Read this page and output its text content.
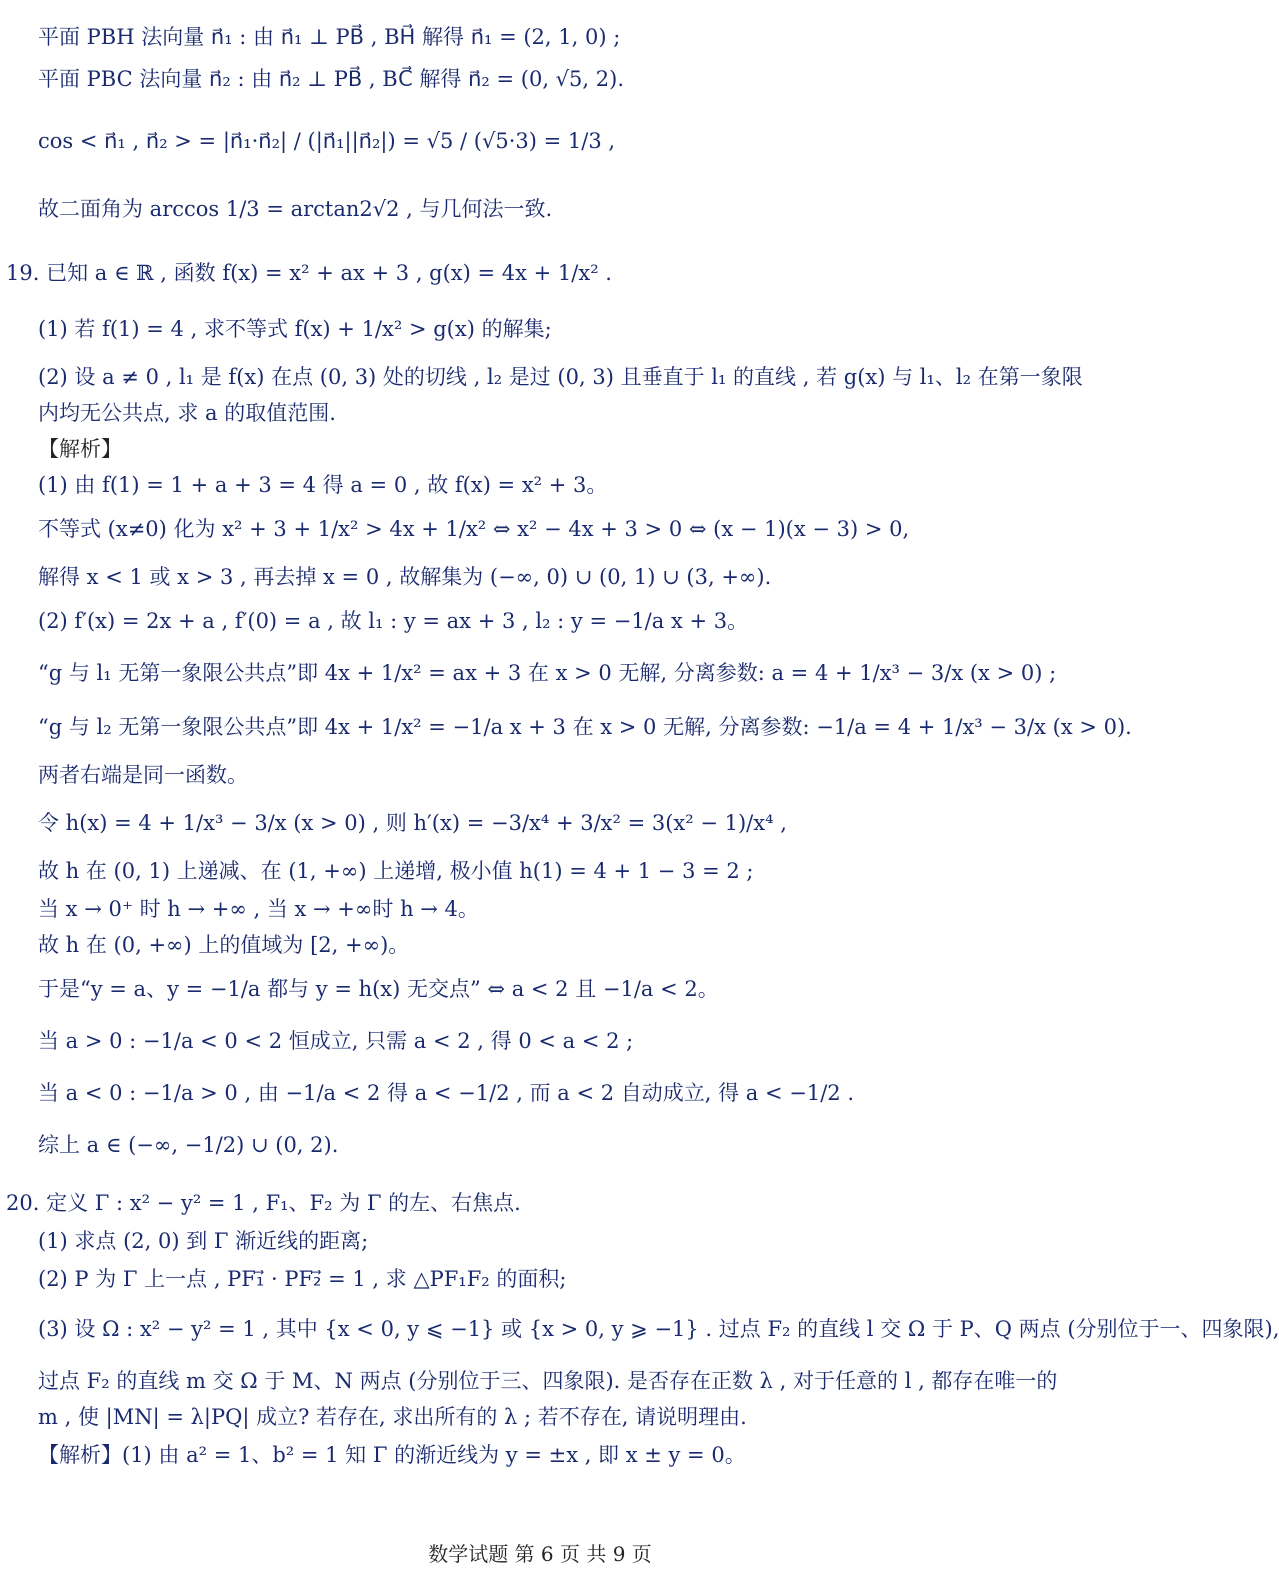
平面 PBH 法向量 n⃗₁ : 由 n⃗₁ ⊥ PB⃗ , BH⃗ 解得 n⃗₁ = (2, 1, 0) ;
平面 PBC 法向量 n⃗₂ : 由 n⃗₂ ⊥ PB⃗ , BC⃗ 解得 n⃗₂ = (0, √5, 2).
cos < n⃗₁ , n⃗₂ > = |n⃗₁·n⃗₂| / (|n⃗₁||n⃗₂|) = √5 / (√5·3) = 1/3 ,
故二面角为 arccos 1/3 = arctan2√2 , 与几何法一致.
19. 已知 a ∈ ℝ , 函数 f(x) = x² + ax + 3 , g(x) = 4x + 1/x² .
(1) 若 f(1) = 4 , 求不等式 f(x) + 1/x² > g(x) 的解集;
(2) 设 a ≠ 0 , l₁ 是 f(x) 在点 (0, 3) 处的切线 , l₂ 是过 (0, 3) 且垂直于 l₁ 的直线 , 若 g(x) 与 l₁、l₂ 在第一象限
内均无公共点, 求 a 的取值范围.
【解析】
(1) 由 f(1) = 1 + a + 3 = 4 得 a = 0 , 故 f(x) = x² + 3。
不等式 (x≠0) 化为 x² + 3 + 1/x² > 4x + 1/x² ⇔ x² − 4x + 3 > 0 ⇔ (x − 1)(x − 3) > 0,
解得 x < 1 或 x > 3 , 再去掉 x = 0 , 故解集为 (−∞, 0) ∪ (0, 1) ∪ (3, +∞).
(2) f′(x) = 2x + a , f′(0) = a , 故 l₁ : y = ax + 3 , l₂ : y = −1/a x + 3。
“g 与 l₁ 无第一象限公共点”即 4x + 1/x² = ax + 3 在 x > 0 无解, 分离参数: a = 4 + 1/x³ − 3/x (x > 0) ;
“g 与 l₂ 无第一象限公共点”即 4x + 1/x² = −1/a x + 3 在 x > 0 无解, 分离参数: −1/a = 4 + 1/x³ − 3/x (x > 0).
两者右端是同一函数。
令 h(x) = 4 + 1/x³ − 3/x (x > 0) , 则 h′(x) = −3/x⁴ + 3/x² = 3(x² − 1)/x⁴ ,
故 h 在 (0, 1) 上递减、在 (1, +∞) 上递增, 极小值 h(1) = 4 + 1 − 3 = 2 ;
当 x → 0⁺ 时 h → +∞ , 当 x → +∞时 h → 4。
故 h 在 (0, +∞) 上的值域为 [2, +∞)。
于是“y = a、y = −1/a 都与 y = h(x) 无交点” ⇔ a < 2 且 −1/a < 2。
当 a > 0 : −1/a < 0 < 2 恒成立, 只需 a < 2 , 得 0 < a < 2 ;
当 a < 0 : −1/a > 0 , 由 −1/a < 2 得 a < −1/2 , 而 a < 2 自动成立, 得 a < −1/2 .
综上 a ∈ (−∞, −1/2) ∪ (0, 2).
20. 定义 Γ : x² − y² = 1 , F₁、F₂ 为 Γ 的左、右焦点.
(1) 求点 (2, 0) 到 Γ 渐近线的距离;
(2) P 为 Γ 上一点 , PF₁⃗ · PF₂⃗ = 1 , 求 △PF₁F₂ 的面积;
(3) 设 Ω : x² − y² = 1 , 其中 {x < 0, y ⩽ −1} 或 {x > 0, y ⩾ −1} . 过点 F₂ 的直线 l 交 Ω 于 P、Q 两点 (分别位于一、四象限),
过点 F₂ 的直线 m 交 Ω 于 M、N 两点 (分别位于三、四象限). 是否存在正数 λ , 对于任意的 l , 都存在唯一的
m , 使 |MN| = λ|PQ| 成立? 若存在, 求出所有的 λ ; 若不存在, 请说明理由.
【解析】(1) 由 a² = 1、b² = 1 知 Γ 的渐近线为 y = ±x , 即 x ± y = 0。
数学试题 第 6 页 共 9 页
